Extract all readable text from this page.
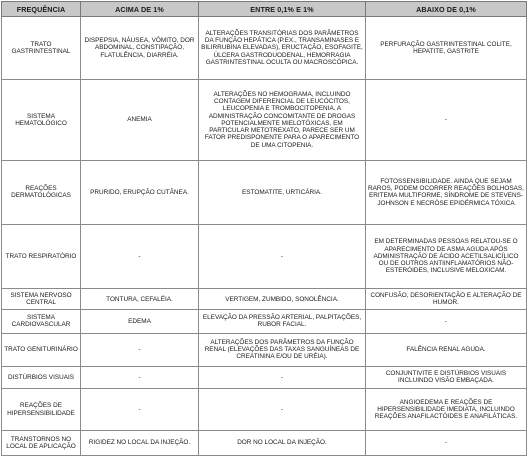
FREQUÊNCIA	ACIMA DE 1%	ENTRE 0,1% E 1%	ABAIXO DE 0,1%
TRATO GASTRINTESTINAL	DISPEPSIA, NÁUSEA, VÔMITO, DOR ABDOMINAL, CONSTIPAÇÃO, FLATULÊNCIA, DIARRÉIA.	ALTERAÇÕES TRANSITÓRIAS DOS PARÂMETROS DA FUNÇÃO HEPÁTICA (P.EX., TRANSAMINASES E BILIRRUBINA ELEVADAS), ERUCTAÇÃO, ESOFAGITE, ÚLCERA GASTRODUODENAL, HEMORRAGIA GASTRINTESTINAL OCULTA OU MACROSCÓPICA.	PERFURAÇÃO GASTRINTESTINAL COLITE, HEPATITE, GASTRITE
SISTEMA HEMATOLÓGICO	ANEMIA	ALTERAÇÕES NO HEMOGRAMA, INCLUINDO CONTAGEM DIFERENCIAL DE LEUCÓCITOS, LEUCOPENIA E TROMBOCITOPENIA. A ADMINISTRAÇÃO CONCOMITANTE DE DROGAS POTENCIALMENTE MIELOTÓXICAS, EM PARTICULAR METOTREXATO, PARECE SER UM FATOR PREDISPONENTE PARA O APARECIMENTO DE UMA CITOPENIA.	-
REAÇÕES DERMATOLÓGICAS	PRURIDO, ERUPÇÃO CUTÂNEA.	ESTOMATITE, URTICÁRIA.	FOTOSSENSIBILIDADE. AINDA QUE SEJAM RAROS, PODEM OCORRER REAÇÕES BOLHOSAS, ERITEMA MULTIFORME, SÍNDROME DE STEVENS-JOHNSON E NECRÓSE EPIDÉRMICA TÓXICA
TRATO RESPIRATÓRIO	-	-	EM DETERMINADAS PESSOAS RELATOU-SE O APARECIMENTO DE ASMA AGUDA APÓS ADMINISTRAÇÃO DE ÁCIDO ACETILSALICÍLICO OU DE OUTROS ANTIINFLAMATÓRIOS NÃO-ESTERÓIDES, INCLUSIVE MELOXICAM.
SISTEMA NERVOSO CENTRAL	TONTURA, CEFALÉIA.	VERTIGEM, ZUMBIDO, SONOLÊNCIA.	CONFUSÃO, DESORIENTAÇÃO E ALTERAÇÃO DE HUMOR.
SISTEMA CARDIOVASCULAR	EDEMA	ELEVAÇÃO DA PRESSÃO ARTERIAL, PALPITAÇÕES, RUBOR FACIAL.	-
TRATO GENITURINÁRIO	-	ALTERAÇÕES DOS PARÂMETROS DA FUNÇÃO RENAL (ELEVAÇÕES DAS TAXAS SANGUÍNEAS DE CREATININA E/OU DE URÉIA).	FALÊNCIA RENAL AGUDA.
DISTÚRBIOS VISUAIS	-	-	CONJUNTIVITE E DISTÚRBIOS VISUAIS INCLUINDO VISÃO EMBAÇADA.
REAÇÕES DE HIPERSENSIBILIDADE	-	-	ANGIOEDEMA E REAÇÕES DE HIPERSENSIBILIDADE IMEDIATA, INCLUINDO REAÇÕES ANAFILACTÓIDES E ANAFILÁTICAS.
TRANSTORNOS NO LOCAL DE APLICAÇÃO	RIGIDEZ NO LOCAL DA INJEÇÃO.	DOR NO LOCAL DA INJEÇÃO.	-
